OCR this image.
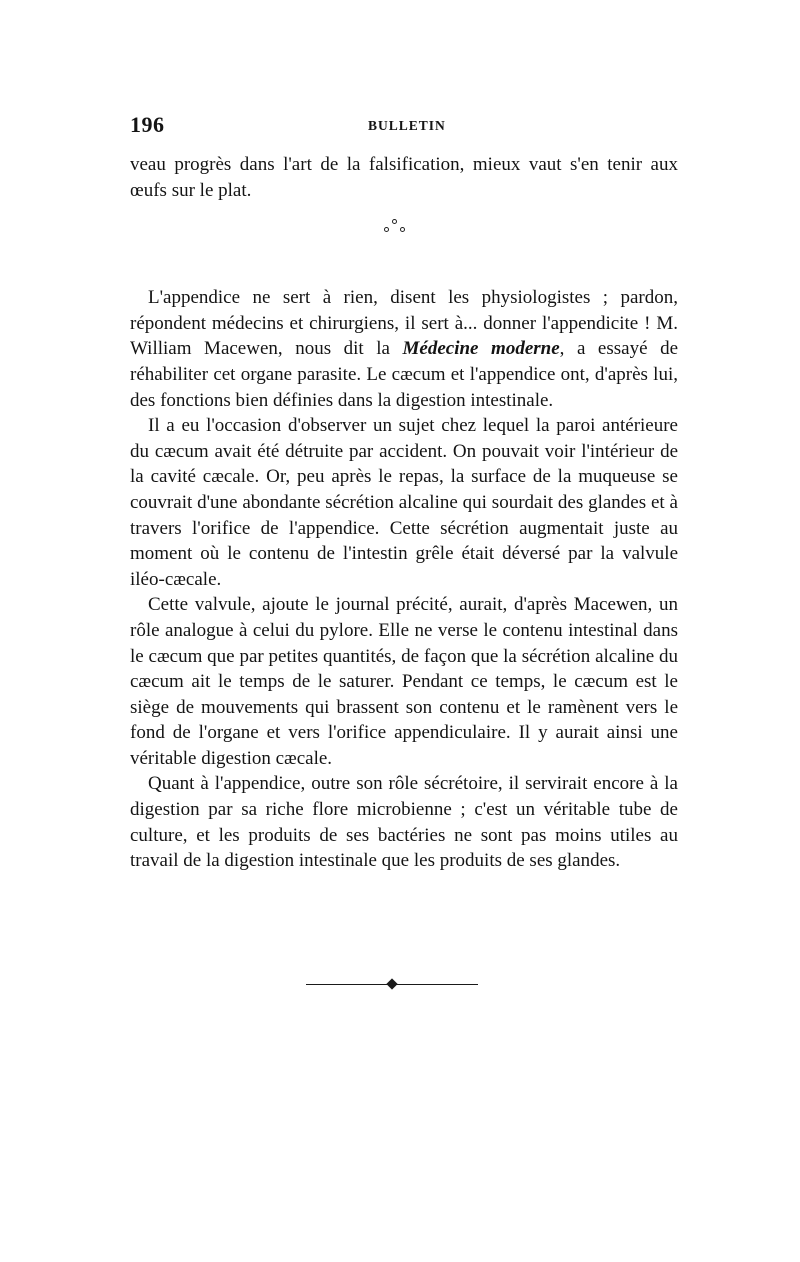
196	BULLETIN

veau progrès dans l'art de la falsification, mieux vaut s'en tenir aux œufs sur le plat.

L'appendice ne sert à rien, disent les physiologistes ; pardon, répondent médecins et chirurgiens, il sert à... donner l'appendicite ! M. William Macewen, nous dit la Médecine moderne, a essayé de réhabiliter cet organe parasite. Le cæcum et l'appendice ont, d'après lui, des fonctions bien définies dans la digestion intestinale.

Il a eu l'occasion d'observer un sujet chez lequel la paroi antérieure du cæcum avait été détruite par accident. On pouvait voir l'intérieur de la cavité cæcale. Or, peu après le repas, la surface de la muqueuse se couvrait d'une abondante sécrétion alcaline qui sourdait des glandes et à travers l'orifice de l'appendice. Cette sécrétion augmentait juste au moment où le contenu de l'intestin grêle était déversé par la valvule iléo-cæcale.

Cette valvule, ajoute le journal précité, aurait, d'après Macewen, un rôle analogue à celui du pylore. Elle ne verse le contenu intestinal dans le cæcum que par petites quantités, de façon que la sécrétion alcaline du cæcum ait le temps de le saturer. Pendant ce temps, le cæcum est le siège de mouvements qui brassent son contenu et le ramènent vers le fond de l'organe et vers l'orifice appendiculaire. Il y aurait ainsi une véritable digestion cæcale.

Quant à l'appendice, outre son rôle sécrétoire, il servirait encore à la digestion par sa riche flore microbienne ; c'est un véritable tube de culture, et les produits de ses bactéries ne sont pas moins utiles au travail de la digestion intestinale que les produits de ses glandes.
